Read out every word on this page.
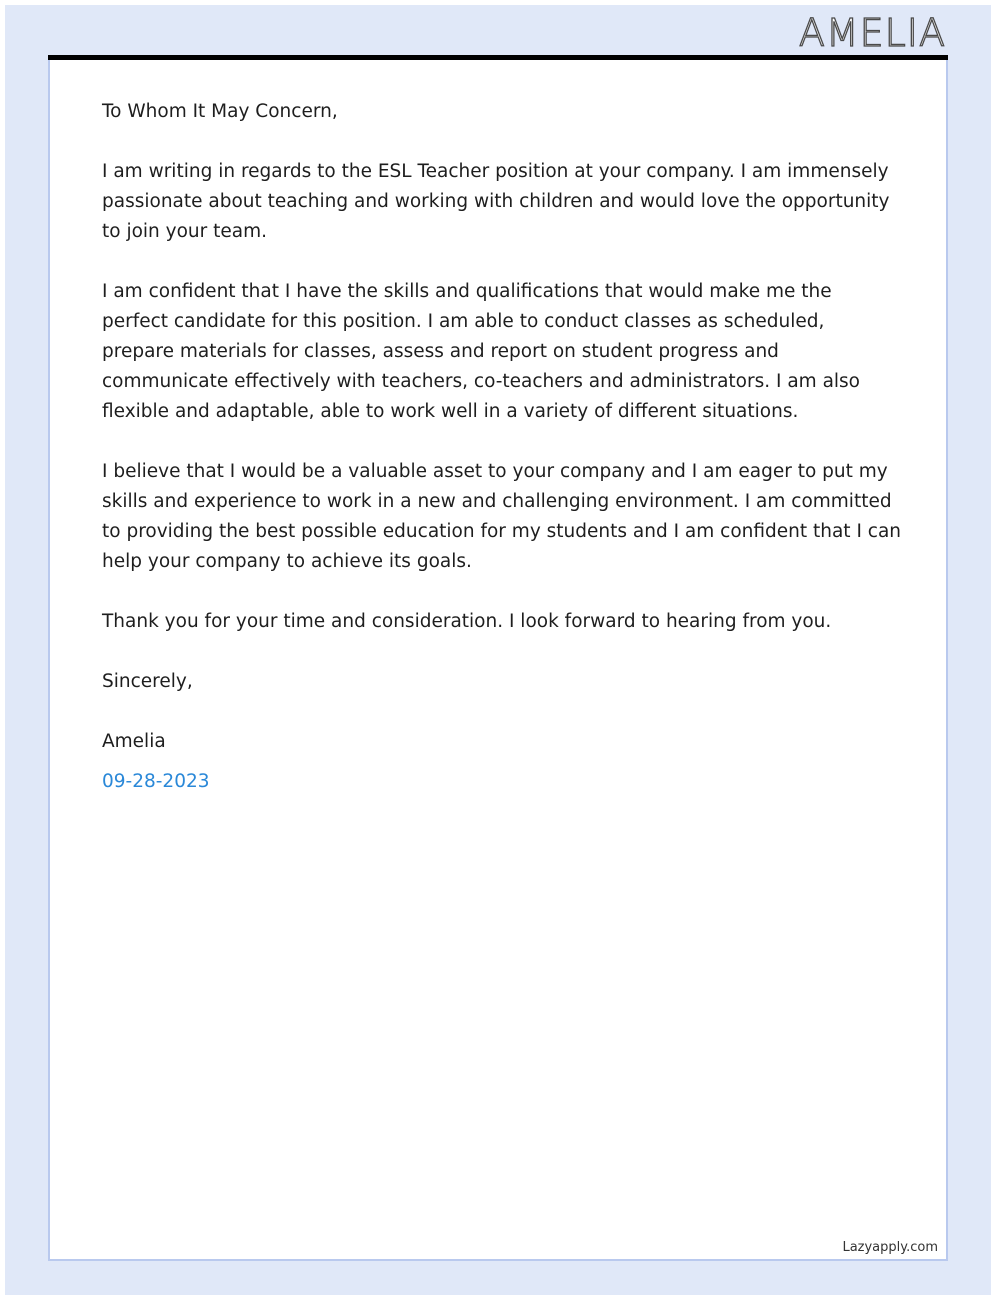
AMELIA

To Whom It May Concern,

I am writing in regards to the ESL Teacher position at your company. I am immensely passionate about teaching and working with children and would love the opportunity to join your team.

I am confident that I have the skills and qualifications that would make me the perfect candidate for this position. I am able to conduct classes as scheduled, prepare materials for classes, assess and report on student progress and communicate effectively with teachers, co-teachers and administrators. I am also flexible and adaptable, able to work well in a variety of different situations.

I believe that I would be a valuable asset to your company and I am eager to put my skills and experience to work in a new and challenging environment. I am committed to providing the best possible education for my students and I am confident that I can help your company to achieve its goals.

Thank you for your time and consideration. I look forward to hearing from you.

Sincerely,

Amelia

09-28-2023

Lazyapply.com
